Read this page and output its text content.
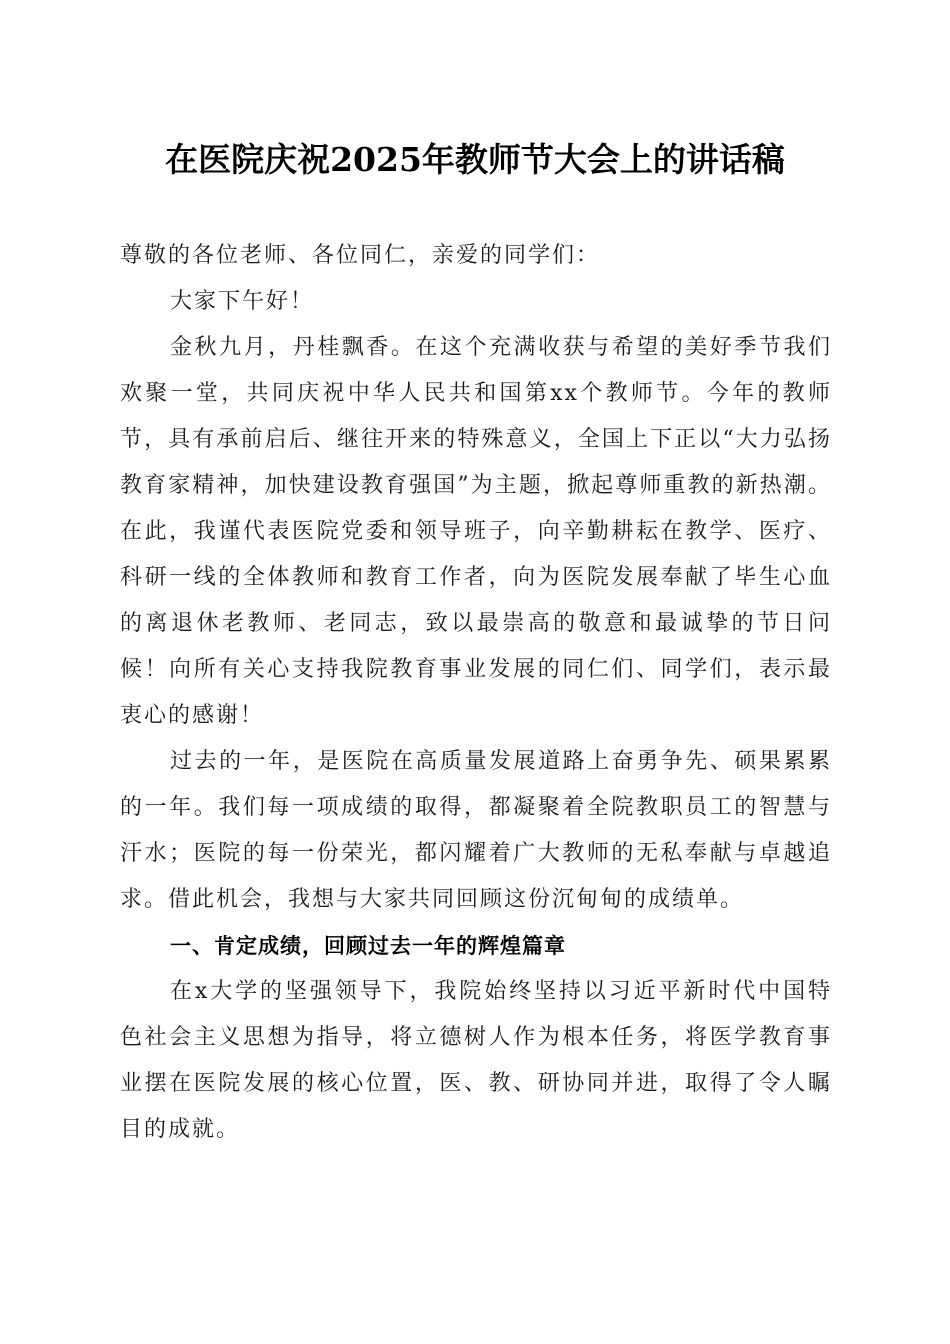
在医院庆祝2025年教师节大会上的讲话稿

尊敬的各位老师、各位同仁，亲爱的同学们：

大家下午好！

金秋九月，丹桂飘香。在这个充满收获与希望的美好季节我们欢聚一堂，共同庆祝中华人民共和国第xx个教师节。今年的教师节，具有承前启后、继往开来的特殊意义，全国上下正以“大力弘扬教育家精神，加快建设教育强国”为主题，掀起尊师重教的新热潮。在此，我谨代表医院党委和领导班子，向辛勤耕耘在教学、医疗、科研一线的全体教师和教育工作者，向为医院发展奉献了毕生心血的离退休老教师、老同志，致以最崇高的敬意和最诚挚的节日问候！向所有关心支持我院教育事业发展的同仁们、同学们，表示最衷心的感谢！

过去的一年，是医院在高质量发展道路上奋勇争先、硕果累累的一年。我们每一项成绩的取得，都凝聚着全院教职员工的智慧与汗水；医院的每一份荣光，都闪耀着广大教师的无私奉献与卓越追求。借此机会，我想与大家共同回顾这份沉甸甸的成绩单。

一、肯定成绩，回顾过去一年的辉煌篇章

在x大学的坚强领导下，我院始终坚持以习近平新时代中国特色社会主义思想为指导，将立德树人作为根本任务，将医学教育事业摆在医院发展的核心位置，医、教、研协同并进，取得了令人瞩目的成就。
